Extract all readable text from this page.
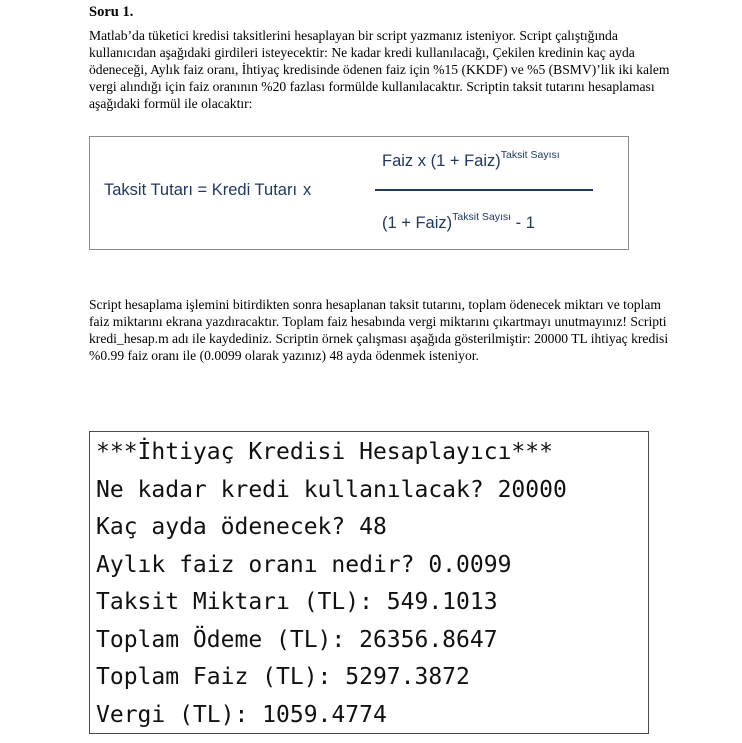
Soru 1.
Matlab’da tüketici kredisi taksitlerini hesaplayan bir script yazmanız isteniyor. Script çalıştığında kullanıcıdan aşağıdaki girdileri isteyecektir: Ne kadar kredi kullanılacağı, Çekilen kredinin kaç ayda ödeneceği, Aylık faiz oranı, İhtiyaç kredisinde ödenen faiz için %15 (KKDF) ve %5 (BSMV)’lik iki kalem vergi alındığı için faiz oranının %20 fazlası formülde kullanılacaktır. Scriptin taksit tutarını hesaplaması aşağıdaki formül ile olacaktır:
Taksit Tutarı = Kredi Tutarı x
Faiz x (1 + Faiz)$^{Taksit Sayısı}$
(1 + Faiz)$^{Taksit Sayısı}$ - 1
Script hesaplama işlemini bitirdikten sonra hesaplanan taksit tutarını, toplam ödenecek miktarı ve toplam faiz miktarını ekrana yazdıracaktır. Toplam faiz hesabında vergi miktarını çıkartmayı unutmayınız! Scripti kredi_hesap.m adı ile kaydediniz. Scriptin örnek çalışması aşağıda gösterilmiştir: 20000 TL ihtiyaç kredisi %0.99 faiz oranı ile (0.0099 olarak yazınız) 48 ayda ödenmek isteniyor.
***İhtiyaç Kredisi Hesaplayıcı***
Ne kadar kredi kullanılacak? 20000
Kaç ayda ödenecek? 48
Aylık faiz oranı nedir? 0.0099
Taksit Miktarı (TL): 549.1013
Toplam Ödeme (TL): 26356.8647
Toplam Faiz (TL): 5297.3872
Vergi (TL): 1059.4774
